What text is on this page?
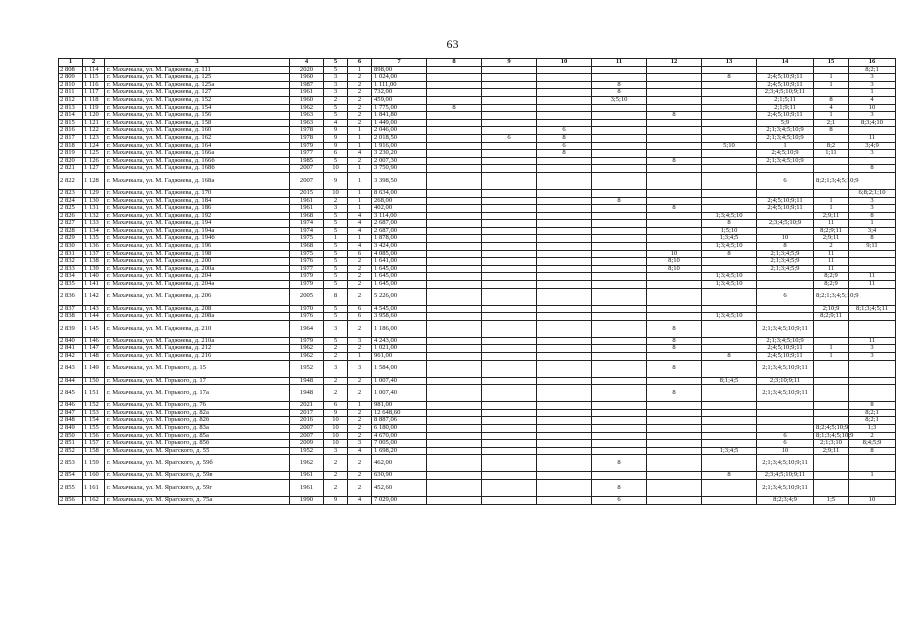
63
1	2	3	4	5	6	7	8	9	10	11	12	13	14	15	16
2 808	1 114	г. Махачкала, ул. М. Гаджиева, д. 111	2020	5	1	898,00									8;2;1
2 809	1 115	г. Махачкала, ул. М. Гаджиева, д. 125	1960	3	2	1 024,00						8	2;4;5;10;9;11	1	3
2 810	1 116	г. Махачкала, ул. М. Гаджиева, д. 125а	1987	3	2	1 111,00				8			2;4;5;10;9;11	1	3
2 811	1 117	г. Махачкала, ул. М. Гаджиева, д. 127	1961	3	2	732,00				8			2;3;4;5;10;9;11		1
2 812	1 118	г. Махачкала, ул. М. Гаджиева, д. 152	1960	2	2	459,00				3;5;10			2;1;5;11	8	4
2 813	1 119	г. Махачкала, ул. М. Гаджиева, д. 154	1962	5	2	1 775,00	8						2;1;9;11	4	10
2 814	1 120	г. Махачкала, ул. М. Гаджиева, д. 156	1963	5	2	1 841,80					8		2;4;5;10;9;11	1	3
2 815	1 121	г. Махачкала, ул. М. Гаджиева, д. 158	1963	4	2	1 449,00							5;9	2;1	8;3;4;10
2 816	1 122	г. Махачкала, ул. М. Гаджиева, д. 160	1978	9	1	2 046,00			6				2;1;3;4;5;10;9	8	
2 817	1 123	г. Махачкала, ул. М. Гаджиева, д. 162	1978	9	1	2 018,50		6	8				2;1;3;4;5;10;9		11
2 818	1 124	г. Махачкала, ул. М. Гаджиева, д. 164	1979	9	1	1 916,00			6			5;10	1	8;2	3;4;9
2 819	1 125	г. Махачкала, ул. М. Гаджиева, д. 166а	1977	6	4	3 230,20			8				2;4;5;10;9	1;11	3
2 820	1 126	г. Махачкала, ул. М. Гаджиева, д. 166б	1985	5	2	2 007,30					8		2;1;3;4;5;10;9		
2 821	1 127	г. Махачкала, ул. М. Гаджиева, д. 168б	2007	10	1	3 750,90									8
2 822	1 128	г. Махачкала, ул. М. Гаджиева, д. 168а	2007	9	1	3 398,50							6	8;2;1;3;4;5;10;9	
2 823	1 129	г. Махачкала, ул. М. Гаджиева, д. 170	2015	10	1	8 634,00									6;8;2;1;10
2 824	1 130	г. Махачкала, ул. М. Гаджиева, д. 184	1961	2	1	268,00				8			2;4;5;10;9;11	1	3
2 825	1 131	г. Махачкала, ул. М. Гаджиева, д. 186	1961	3	1	402,00					8		2;4;5;10;9;11	1	3
2 826	1 132	г. Махачкала, ул. М. Гаджиева, д. 192	1968	5	4	3 114,00						1;3;4;5;10		2;9;11	8
2 827	1 133	г. Махачкала, ул. М. Гаджиева, д. 194	1974	5	4	2 687,00						8	2;3;4;5;10;9	11	1
2 828	1 134	г. Махачкала, ул. М. Гаджиева, д. 194а	1974	5	4	2 687,00						1;5;10		8;2;9;11	3;4
2 829	1 135	г. Махачкала, ул. М. Гаджиева, д. 194б	1975	1	1	1 878,00						1;3;4;5	10	2;9;11	8
2 830	1 136	г. Махачкала, ул. М. Гаджиева, д. 196	1968	5	4	3 424,00						1;3;4;5;10	8	2	9;11
2 831	1 137	г. Махачкала, ул. М. Гаджиева, д. 198	1975	5	6	4 085,00					10	8	2;1;3;4;5;9	11	
2 832	1 138	г. Махачкала, ул. М. Гаджиева, д. 200	1976	5	2	1 641,00					8;10		2;1;3;4;5;9	11	
2 833	1 139	г. Махачкала, ул. М. Гаджиева, д. 200а	1977	5	2	1 645,00					8;10		2;1;3;4;5;9	11	
2 834	1 140	г. Махачкала, ул. М. Гаджиева, д. 204	1979	5	2	1 645,00						1;3;4;5;10		8;2;9	11
2 835	1 141	г. Махачкала, ул. М. Гаджиева, д. 204а	1979	5	2	1 645,00						1;3;4;5;10		8;2;9	11
2 836	1 142	г. Махачкала, ул. М. Гаджиева, д. 206	2005	8	2	5 226,00							6	8;2;1;3;4;5;10;9	
2 837	1 143	г. Махачкала, ул. М. Гаджиева, д. 208	1970	5	6	4 545,00								2;10;9	8;1;3;4;5;11
2 838	1 144	г. Махачкала, ул. М. Гаджиева, д. 208а	1976	5	6	3 958,60						1;3;4;5;10		8;2;9;11	
2 839	1 145	г. Махачкала, ул. М. Гаджиева, д. 210	1964	3	2	1 186,00					8		2;1;3;4;5;10;9;11		
2 840	1 146	г. Махачкала, ул. М. Гаджиева, д. 210а	1979	5	3	4 243,00					8		2;1;3;4;5;10;9		11
2 841	1 147	г. Махачкала, ул. М. Гаджиева, д. 212	1962	2	2	1 021,00					8		2;4;5;10;9;11	1	3
2 842	1 148	г. Махачкала, ул. М. Гаджиева, д. 216	1962	2	1	961,00						8	2;4;5;10;9;11	1	3
2 843	1 149	г. Махачкала, ул. М. Горького, д. 15	1952	3	3	1 584,00					8		2;1;3;4;5;10;9;11		
2 844	1 150	г. Махачкала, ул. М. Горького, д. 17	1948	2	2	1 007,40						8;1;4;5	2;3;10;9;11		
2 845	1 151	г. Махачкала, ул. М. Горького, д. 17а	1948	2	2	1 007,40					8		2;1;3;4;5;10;9;11		
2 846	1 152	г. Махачкала, ул. М. Горького, д. 76	2021	6	1	981,00									8
2 847	1 153	г. Махачкала, ул. М. Горького, д. 82а	2017	9	2	12 648,60									8;2;1
2 848	1 154	г. Махачкала, ул. М. Горького, д. 82б	2016	10	2	8 887,06									8;2;1
2 849	1 155	г. Махачкала, ул. М. Горького, д. 83а	2007	10	2	6 180,00								8;2;4;5;10;9	1;3
2 850	1 156	г. Махачкала, ул. М. Горького, д. 85а	2007	10	2	4 670,00							6	8;1;3;4;5;10;9	2
2 851	1 157	г. Махачкала, ул. М. Горького, д. 85б	2009	10	3	7 005,00							6	2;1;3;10	8;4;5;9
2 852	1 158	г. Махачкала, ул. М. Ярагского, д. 55	1952	3	4	1 698,20						1;3;4;5	10	2;9;11	8
2 853	1 159	г. Махачкала, ул. М. Ярагского, д. 59б	1962	2	2	462,00				8			2;1;3;4;5;10;9;11		
2 854	1 160	г. Махачкала, ул. М. Ярагского, д. 59в	1961	2	2	630,90						8	2;3;4;5;10;9;11		1
2 855	1 161	г. Махачкала, ул. М. Ярагского, д. 59г	1961	2	2	452,60				8			2;1;3;4;5;10;9;11		
2 856	1 162	г. Махачкала, ул. М. Ярагского, д. 75а	1990	9	4	7 029,00				6			8;2;3;4;9	1;5	10
